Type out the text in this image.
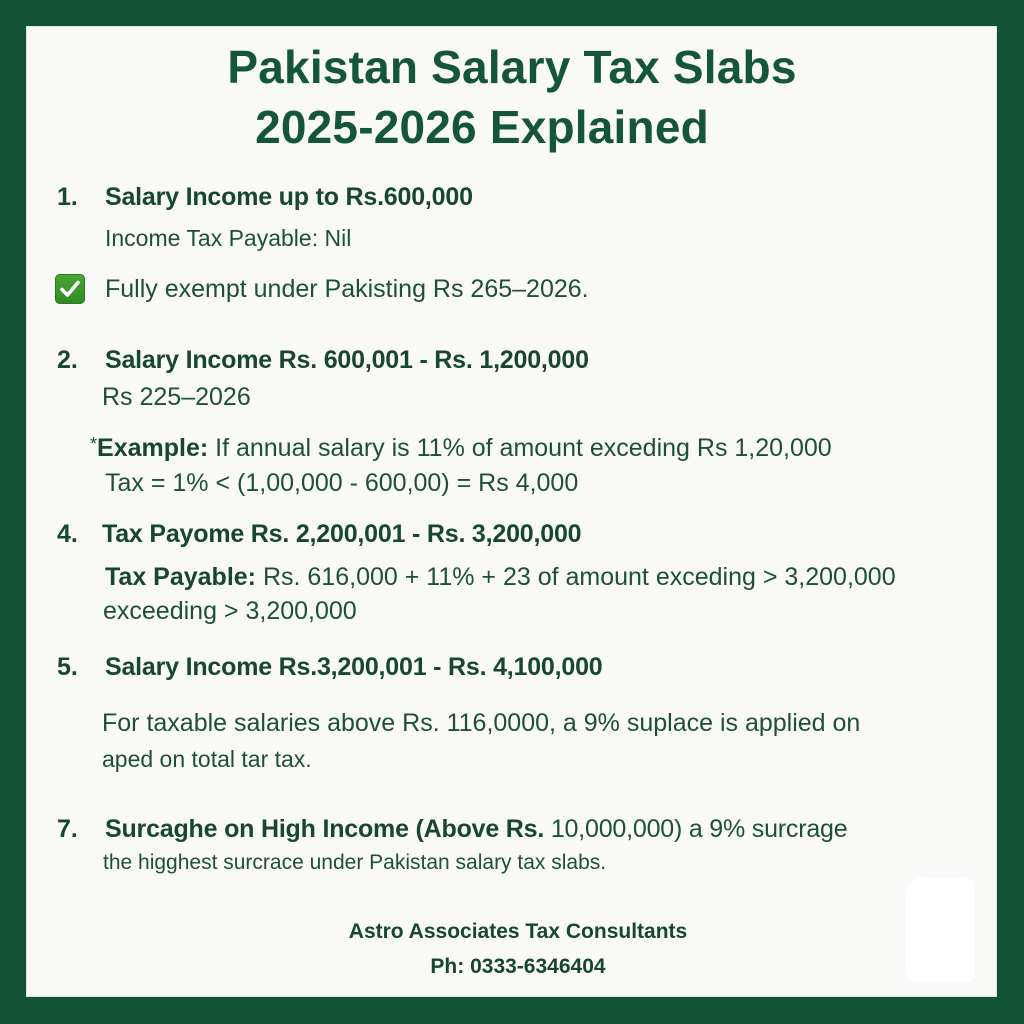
Pakistan Salary Tax Slabs
2025-2026 Explained
1. Salary Income up to Rs.600,000
Income Tax Payable: Nil
Fully exempt under Pakisting Rs 265–2026.
2. Salary Income Rs. 600,001 - Rs. 1,200,000
Rs 225–2026
*Example: If annual salary is 11% of amount exceding Rs 1,20,000
Tax = 1% < (1,00,000 - 600,00) = Rs 4,000
4. Tax Payome Rs. 2,200,001 - Rs. 3,200,000
Tax Payable: Rs. 616,000 + 11% + 23 of amount exceding > 3,200,000
exceeding > 3,200,000
5. Salary Income Rs.3,200,001 - Rs. 4,100,000
For taxable salaries above Rs. 116,0000, a 9% suplace is applied on
aped on total tar tax.
7. Surcaghe on High Income (Above Rs. 10,000,000) a 9% surcrage
the higghest surcrace under Pakistan salary tax slabs.
Astro Associates Tax Consultants
Ph: 0333-6346404
